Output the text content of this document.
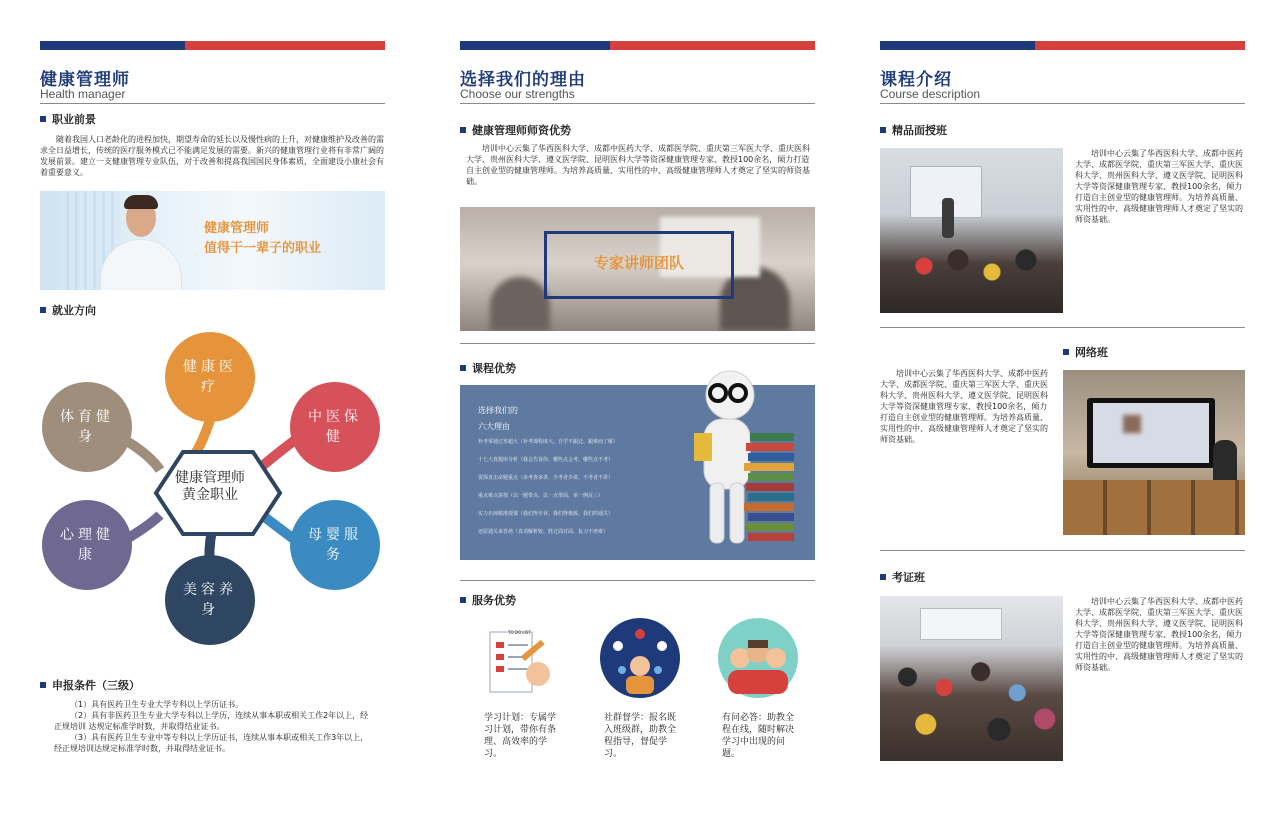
健康管理师
Health manager
职业前景
随着我国人口老龄化的进程加快，期望寿命的延长以及慢性病的上升，对健康维护及改善的需求全日益增长，传统的医疗服务模式已不能满足发展的需要。新兴的健康管理行业将有非常广阔的发展前景。建立一支健康管理专业队伍，对于改善和提高我国国民身体素质，全面建设小康社会有着重要意义。
健康管理师
值得干一辈子的职业
就业方向
健康管理师
黄金职业
健康医疗
中医保健
母婴服务
美容养身
心理健康
体育健身
申报条件（三级）
（1）具有医药卫生专业大学专科以上学历证书。
（2）具有非医药卫生专业大学专科以上学历，连续从事本职或相关工作2年以上，经正规培训 达规定标准学时数，并取得结业证书。
（3）具有医药卫生专业中等专科以上学历证书，连续从事本职或相关工作3年以上，经正规培训达规定标准学时数，并取得结业证书。
选择我们的理由
Choose our strengths
健康管理师师资优势
培训中心云集了华西医科大学、成都中医药大学、成都医学院、重庆第三军医大学、重庆医科大学、贵州医科大学、遵义医学院、昆明医科大学等资深健康管理专家、教授100余名，倾力打造自主创业型的健康管理师。为培养高质量、实用性的中、高级健康管理师人才奠定了坚实的师资基础。
专家讲师团队
课程优势
选择我们的
六大理由
补考零通过率超大（补考课程度大、自学不跟迁、跟难而了解）
十七大真题库分析（我会告诉你、哪些点会考、哪些点不考）
资深直击命题重点（多考查多讲、少考者少讲、不考者不讲）
重点难点讲授（以一题带点、以一点带面、举一例反三）
实力名师精准授课（我们得专业、我们得极致、我们的通关）
还原通关来答场（真项解析较、胜过面对面、复习不再难）
服务优势
TO DO LIST
学习计划：专属学习计划，带你有条理、高效率的学习。
社群督学：报名既入班级群，助教全程指导，督促学习。
有问必答：助教全程在线，随时解决学习中出现的问题。
课程介绍
Course description
精品面授班
培训中心云集了华西医科大学、成都中医药大学、成都医学院、重庆第三军医大学、重庆医科大学、贵州医科大学、遵义医学院、昆明医科大学等资深健康管理专家、教授100余名，倾力打造自主创业型的健康管理师。为培养高质量、实用性的中、高级健康管理师人才奠定了坚实的师资基础。
网络班
培训中心云集了华西医科大学、成都中医药大学、成都医学院、重庆第三军医大学、重庆医科大学、贵州医科大学、遵义医学院、昆明医科大学等资深健康管理专家、教授100余名，倾力打造自主创业型的健康管理师。为培养高质量、实用性的中、高级健康管理师人才奠定了坚实的师资基础。
考证班
培训中心云集了华西医科大学、成都中医药大学、成都医学院、重庆第三军医大学、重庆医科大学、贵州医科大学、遵义医学院、昆明医科大学等资深健康管理专家、教授100余名，倾力打造自主创业型的健康管理师。为培养高质量、实用性的中、高级健康管理师人才奠定了坚实的师资基础。
